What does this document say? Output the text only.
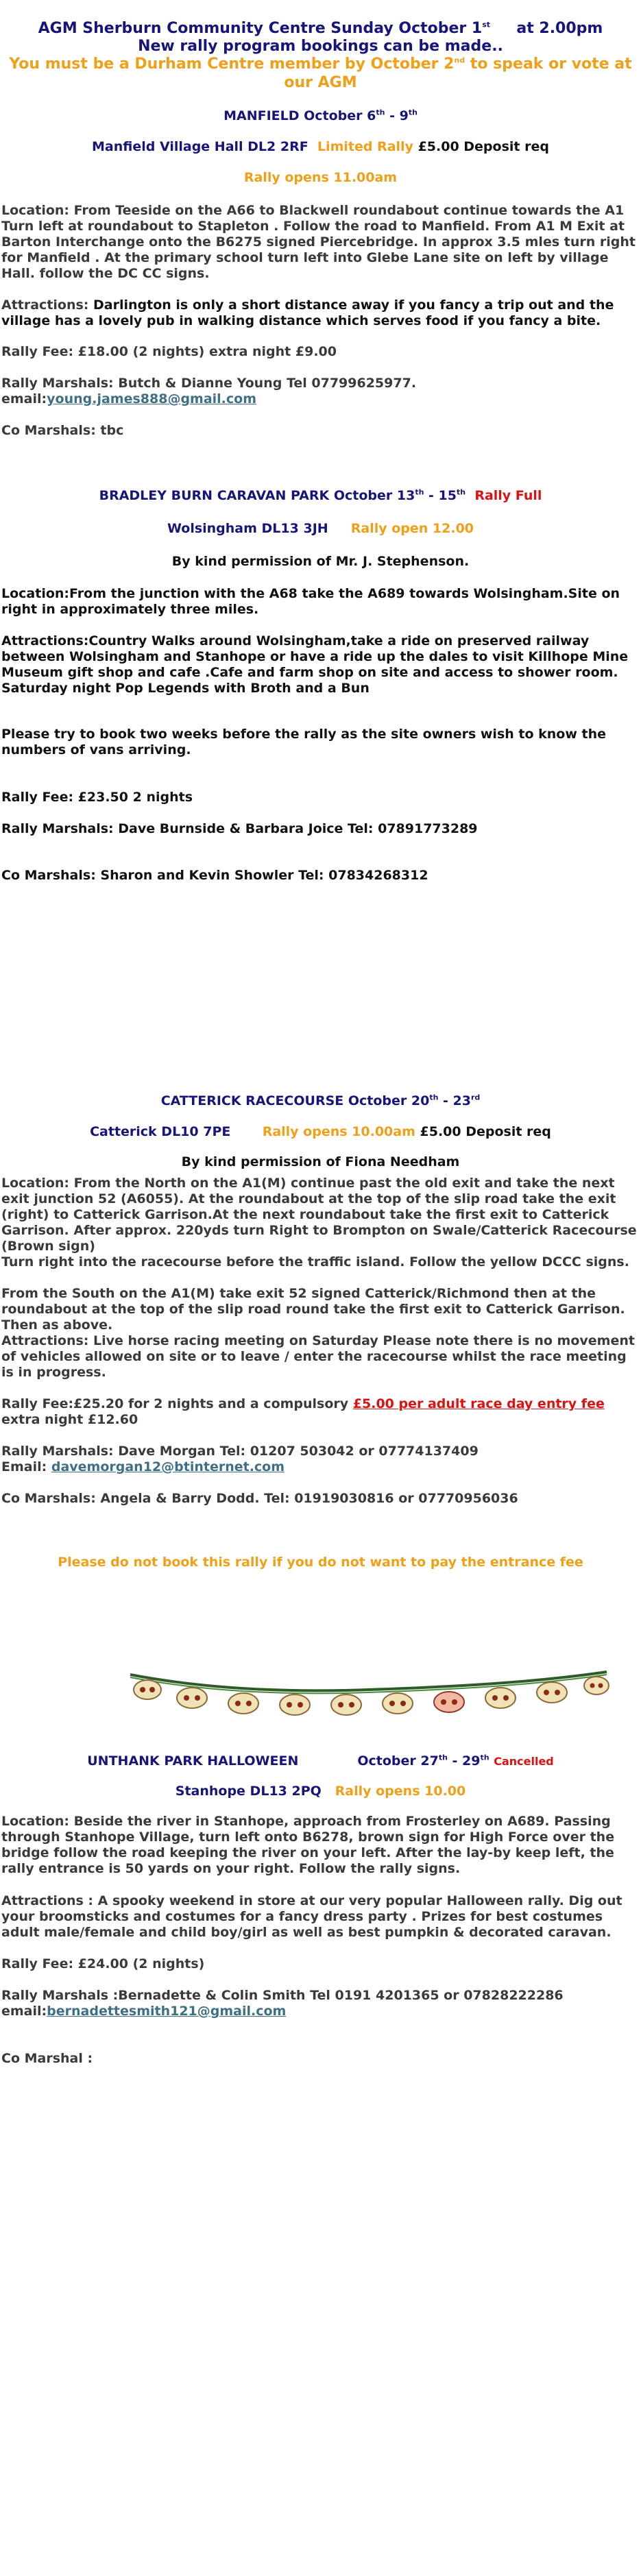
AGM Sherburn Community Centre Sunday October 1st at 2.00pm
New rally program bookings can be made..
You must be a Durham Centre member by October 2nd to speak or vote at our AGM
MANFIELD October 6th - 9th
Manfield Village Hall DL2 2RF Limited Rally £5.00 Deposit req
Rally opens 11.00am
Location: From Teeside on the A66 to Blackwell roundabout continue towards the A1 Turn left at roundabout to Stapleton . Follow the road to Manfield. From A1 M Exit at Barton Interchange onto the B6275 signed Piercebridge. In approx 3.5 mles turn right for Manfield . At the primary school turn left into Glebe Lane site on left by village Hall. follow the DC CC signs.
Attractions: Darlington is only a short distance away if you fancy a trip out and the village has a lovely pub in walking distance which serves food if you fancy a bite.
Rally Fee: £18.00 (2 nights) extra night £9.00
Rally Marshals: Butch & Dianne Young Tel 07799625977.
email:young.james888@gmail.com
Co Marshals: tbc
BRADLEY BURN CARAVAN PARK October 13th - 15th Rally Full
Wolsingham DL13 3JH Rally open 12.00
By kind permission of Mr. J. Stephenson.
Location:From the junction with the A68 take the A689 towards Wolsingham.Site on right in approximately three miles.
Attractions:Country Walks around Wolsingham,take a ride on preserved railway between Wolsingham and Stanhope or have a ride up the dales to visit Killhope Mine Museum gift shop and cafe .Cafe and farm shop on site and access to shower room. Saturday night Pop Legends with Broth and a Bun
Please try to book two weeks before the rally as the site owners wish to know the numbers of vans arriving.
Rally Fee: £23.50 2 nights
Rally Marshals: Dave Burnside & Barbara Joice Tel: 07891773289
Co Marshals: Sharon and Kevin Showler Tel: 07834268312
CATTERICK RACECOURSE October 20th - 23rd
Catterick DL10 7PE Rally opens 10.00am £5.00 Deposit req
By kind permission of Fiona Needham
Location: From the North on the A1(M) continue past the old exit and take the next exit junction 52 (A6055). At the roundabout at the top of the slip road take the exit (right) to Catterick Garrison.At the next roundabout take the first exit to Catterick Garrison. After approx. 220yds turn Right to Brompton on Swale/Catterick Racecourse (Brown sign)
Turn right into the racecourse before the traffic island. Follow the yellow DCCC signs.
From the South on the A1(M) take exit 52 signed Catterick/Richmond then at the roundabout at the top of the slip road round take the first exit to Catterick Garrison. Then as above.
Attractions: Live horse racing meeting on Saturday Please note there is no movement of vehicles allowed on site or to leave / enter the racecourse whilst the race meeting is in progress.
Rally Fee:£25.20 for 2 nights and a compulsory £5.00 per adult race day entry fee
extra night £12.60
Rally Marshals: Dave Morgan Tel: 01207 503042 or 07774137409
Email: davemorgan12@btinternet.com
Co Marshals: Angela & Barry Dodd. Tel: 01919030816 or 07770956036
Please do not book this rally if you do not want to pay the entrance fee
UNTHANK PARK HALLOWEEN	October 27th - 29th Cancelled
Stanhope DL13 2PQ Rally opens 10.00
Location: Beside the river in Stanhope, approach from Frosterley on A689. Passing through Stanhope Village, turn left onto B6278, brown sign for High Force over the bridge follow the road keeping the river on your left. After the lay-by keep left, the rally entrance is 50 yards on your right. Follow the rally signs.
Attractions : A spooky weekend in store at our very popular Halloween rally. Dig out your broomsticks and costumes for a fancy dress party . Prizes for best costumes adult male/female and child boy/girl as well as best pumpkin & decorated caravan.
Rally Fee: £24.00 (2 nights)
Rally Marshals :Bernadette & Colin Smith Tel 0191 4201365 or 07828222286
email:bernadettesmith121@gmail.com
Co Marshal :
